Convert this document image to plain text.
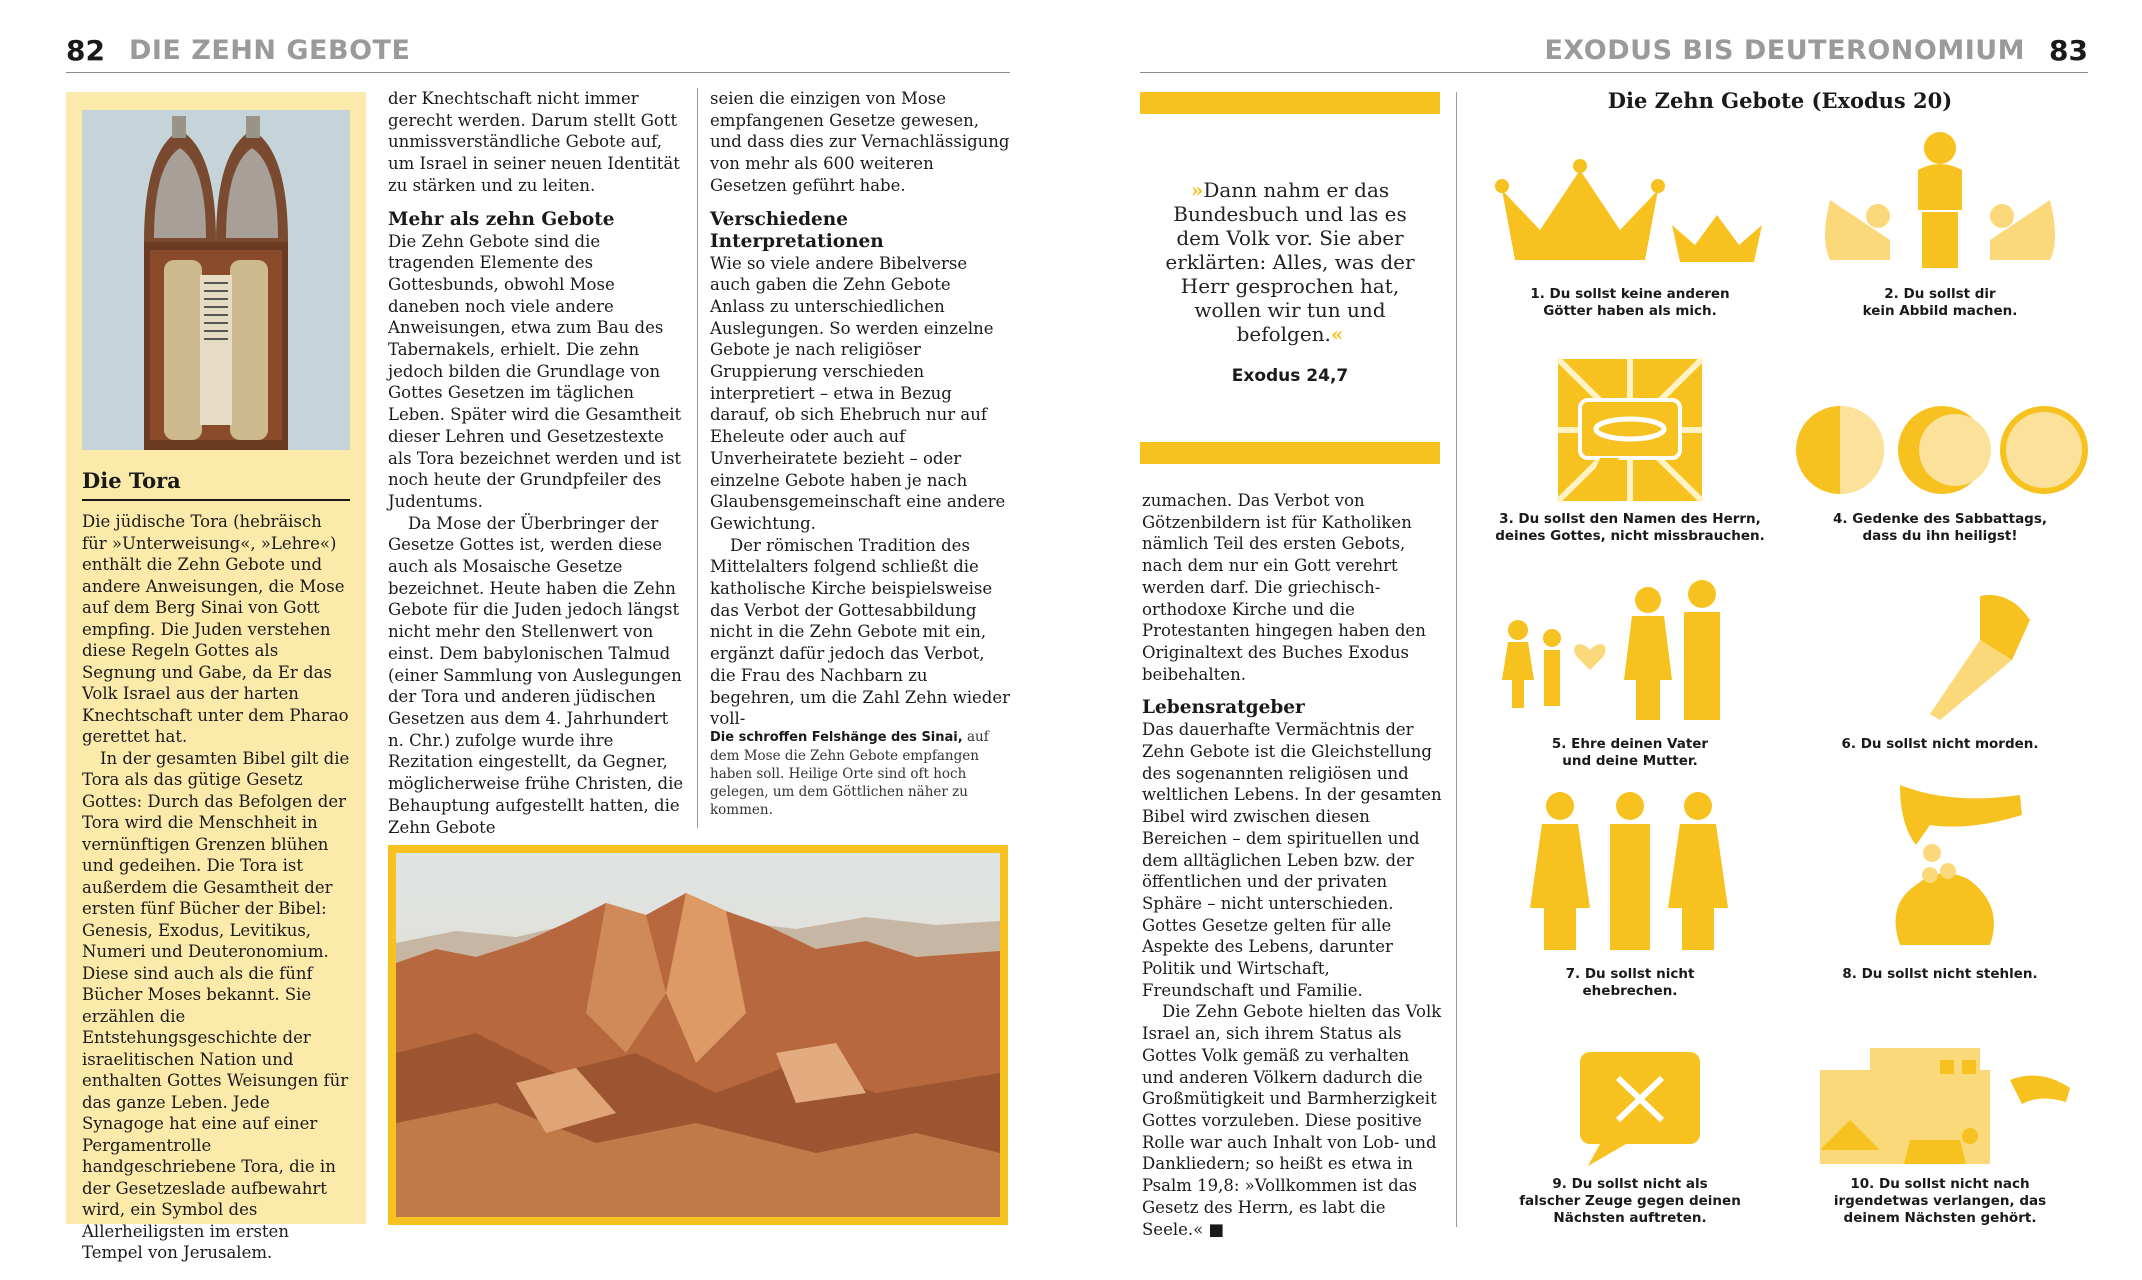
82 DIE ZEHN GEBOTE	EXODUS BIS DEUTERONOMIUM 83
Die Tora

Die jüdische Tora (hebräisch für »Unterweisung«, »Lehre«) enthält die Zehn Gebote und andere Anweisungen, die Mose auf dem Berg Sinai von Gott empfing. Die Juden verstehen diese Regeln Gottes als Segnung und Gabe, da Er das Volk Israel aus der harten Knechtschaft unter dem Pharao gerettet hat.

In der gesamten Bibel gilt die Tora als das gütige Gesetz Gottes: Durch das Befolgen der Tora wird die Menschheit in vernünftigen Grenzen blühen und gedeihen. Die Tora ist außerdem die Gesamtheit der ersten fünf Bücher der Bibel: Genesis, Exodus, Levitikus, Numeri und Deuteronomium. Diese sind auch als die fünf Bücher Moses bekannt. Sie erzählen die Entstehungsgeschichte der israelitischen Nation und enthalten Gottes Weisungen für das ganze Leben. Jede Synagoge hat eine auf einer Pergamentrolle handgeschriebene Tora, die in der Gesetzeslade aufbewahrt wird, ein Symbol des Allerheiligsten im ersten Tempel von Jerusalem.

der Knechtschaft nicht immer gerecht werden. Darum stellt Gott unmissverständliche Gebote auf, um Israel in seiner neuen Identität zu stärken und zu leiten.

Mehr als zehn Gebote

Die Zehn Gebote sind die tragenden Elemente des Gottesbunds, obwohl Mose daneben noch viele andere Anweisungen, etwa zum Bau des Tabernakels, erhielt. Die zehn jedoch bilden die Grundlage von Gottes Gesetzen im täglichen Leben. Später wird die Gesamtheit dieser Lehren und Gesetzestexte als Tora bezeichnet werden und ist noch heute der Grundpfeiler des Judentums.

Da Mose der Überbringer der Gesetze Gottes ist, werden diese auch als Mosaische Gesetze bezeichnet. Heute haben die Zehn Gebote für die Juden jedoch längst nicht mehr den Stellenwert von einst. Dem babylonischen Talmud (einer Sammlung von Auslegungen der Tora und anderen jüdischen Gesetzen aus dem 4. Jahrhundert n. Chr.) zufolge wurde ihre Rezitation eingestellt, da Gegner, möglicherweise frühe Christen, die Behauptung aufgestellt hatten, die Zehn Gebote

seien die einzigen von Mose empfangenen Gesetze gewesen, und dass dies zur Vernachlässigung von mehr als 600 weiteren Gesetzen geführt habe.

Verschiedene Interpretationen

Wie so viele andere Bibelverse auch gaben die Zehn Gebote Anlass zu unterschiedlichen Auslegungen. So werden einzelne Gebote je nach religiöser Gruppierung verschieden interpretiert – etwa in Bezug darauf, ob sich Ehebruch nur auf Eheleute oder auch auf Unverheiratete bezieht – oder einzelne Gebote haben je nach Glaubensgemeinschaft eine andere Gewichtung.

Der römischen Tradition des Mittelalters folgend schließt die katholische Kirche beispielsweise das Verbot der Gottesabbildung nicht in die Zehn Gebote mit ein, ergänzt dafür jedoch das Verbot, die Frau des Nachbarn zu begehren, um die Zahl Zehn wieder voll-

Die schroffen Felshänge des Sinai, auf dem Mose die Zehn Gebote empfangen haben soll. Heilige Orte sind oft hoch gelegen, um dem Göttlichen näher zu kommen.
»Dann nahm er das Bundesbuch und las es dem Volk vor. Sie aber erklärten: Alles, was der Herr gesprochen hat, wollen wir tun und befolgen.«
Exodus 24,7

zumachen. Das Verbot von Götzenbildern ist für Katholiken nämlich Teil des ersten Gebots, nach dem nur ein Gott verehrt werden darf. Die griechisch-orthodoxe Kirche und die Protestanten hingegen haben den Originaltext des Buches Exodus beibehalten.

Lebensratgeber

Das dauerhafte Vermächtnis der Zehn Gebote ist die Gleichstellung des sogenannten religiösen und weltlichen Lebens. In der gesamten Bibel wird zwischen diesen Bereichen – dem spirituellen und dem alltäglichen Leben bzw. der öffentlichen und der privaten Sphäre – nicht unterschieden. Gottes Gesetze gelten für alle Aspekte des Lebens, darunter Politik und Wirtschaft, Freundschaft und Familie.

Die Zehn Gebote hielten das Volk Israel an, sich ihrem Status als Gottes Volk gemäß zu verhalten und anderen Völkern dadurch die Großmütigkeit und Barmherzigkeit Gottes vorzuleben. Diese positive Rolle war auch Inhalt von Lob- und Dankliedern; so heißt es etwa in Psalm 19,8: »Vollkommen ist das Gesetz des Herrn, es labt die Seele.« ■

Die Zehn Gebote (Exodus 20)
1. Du sollst keine anderen
Götter haben als mich.
2. Du sollst dir
kein Abbild machen.
3. Du sollst den Namen des Herrn,
deines Gottes, nicht missbrauchen.
4. Gedenke des Sabbattags,
dass du ihn heiligst!
5. Ehre deinen Vater
und deine Mutter.
6. Du sollst nicht morden.
7. Du sollst nicht
ehebrechen.
8. Du sollst nicht stehlen.
9. Du sollst nicht als
falscher Zeuge gegen deinen
Nächsten auftreten.
10. Du sollst nicht nach
irgendetwas verlangen, das
deinem Nächsten gehört.
